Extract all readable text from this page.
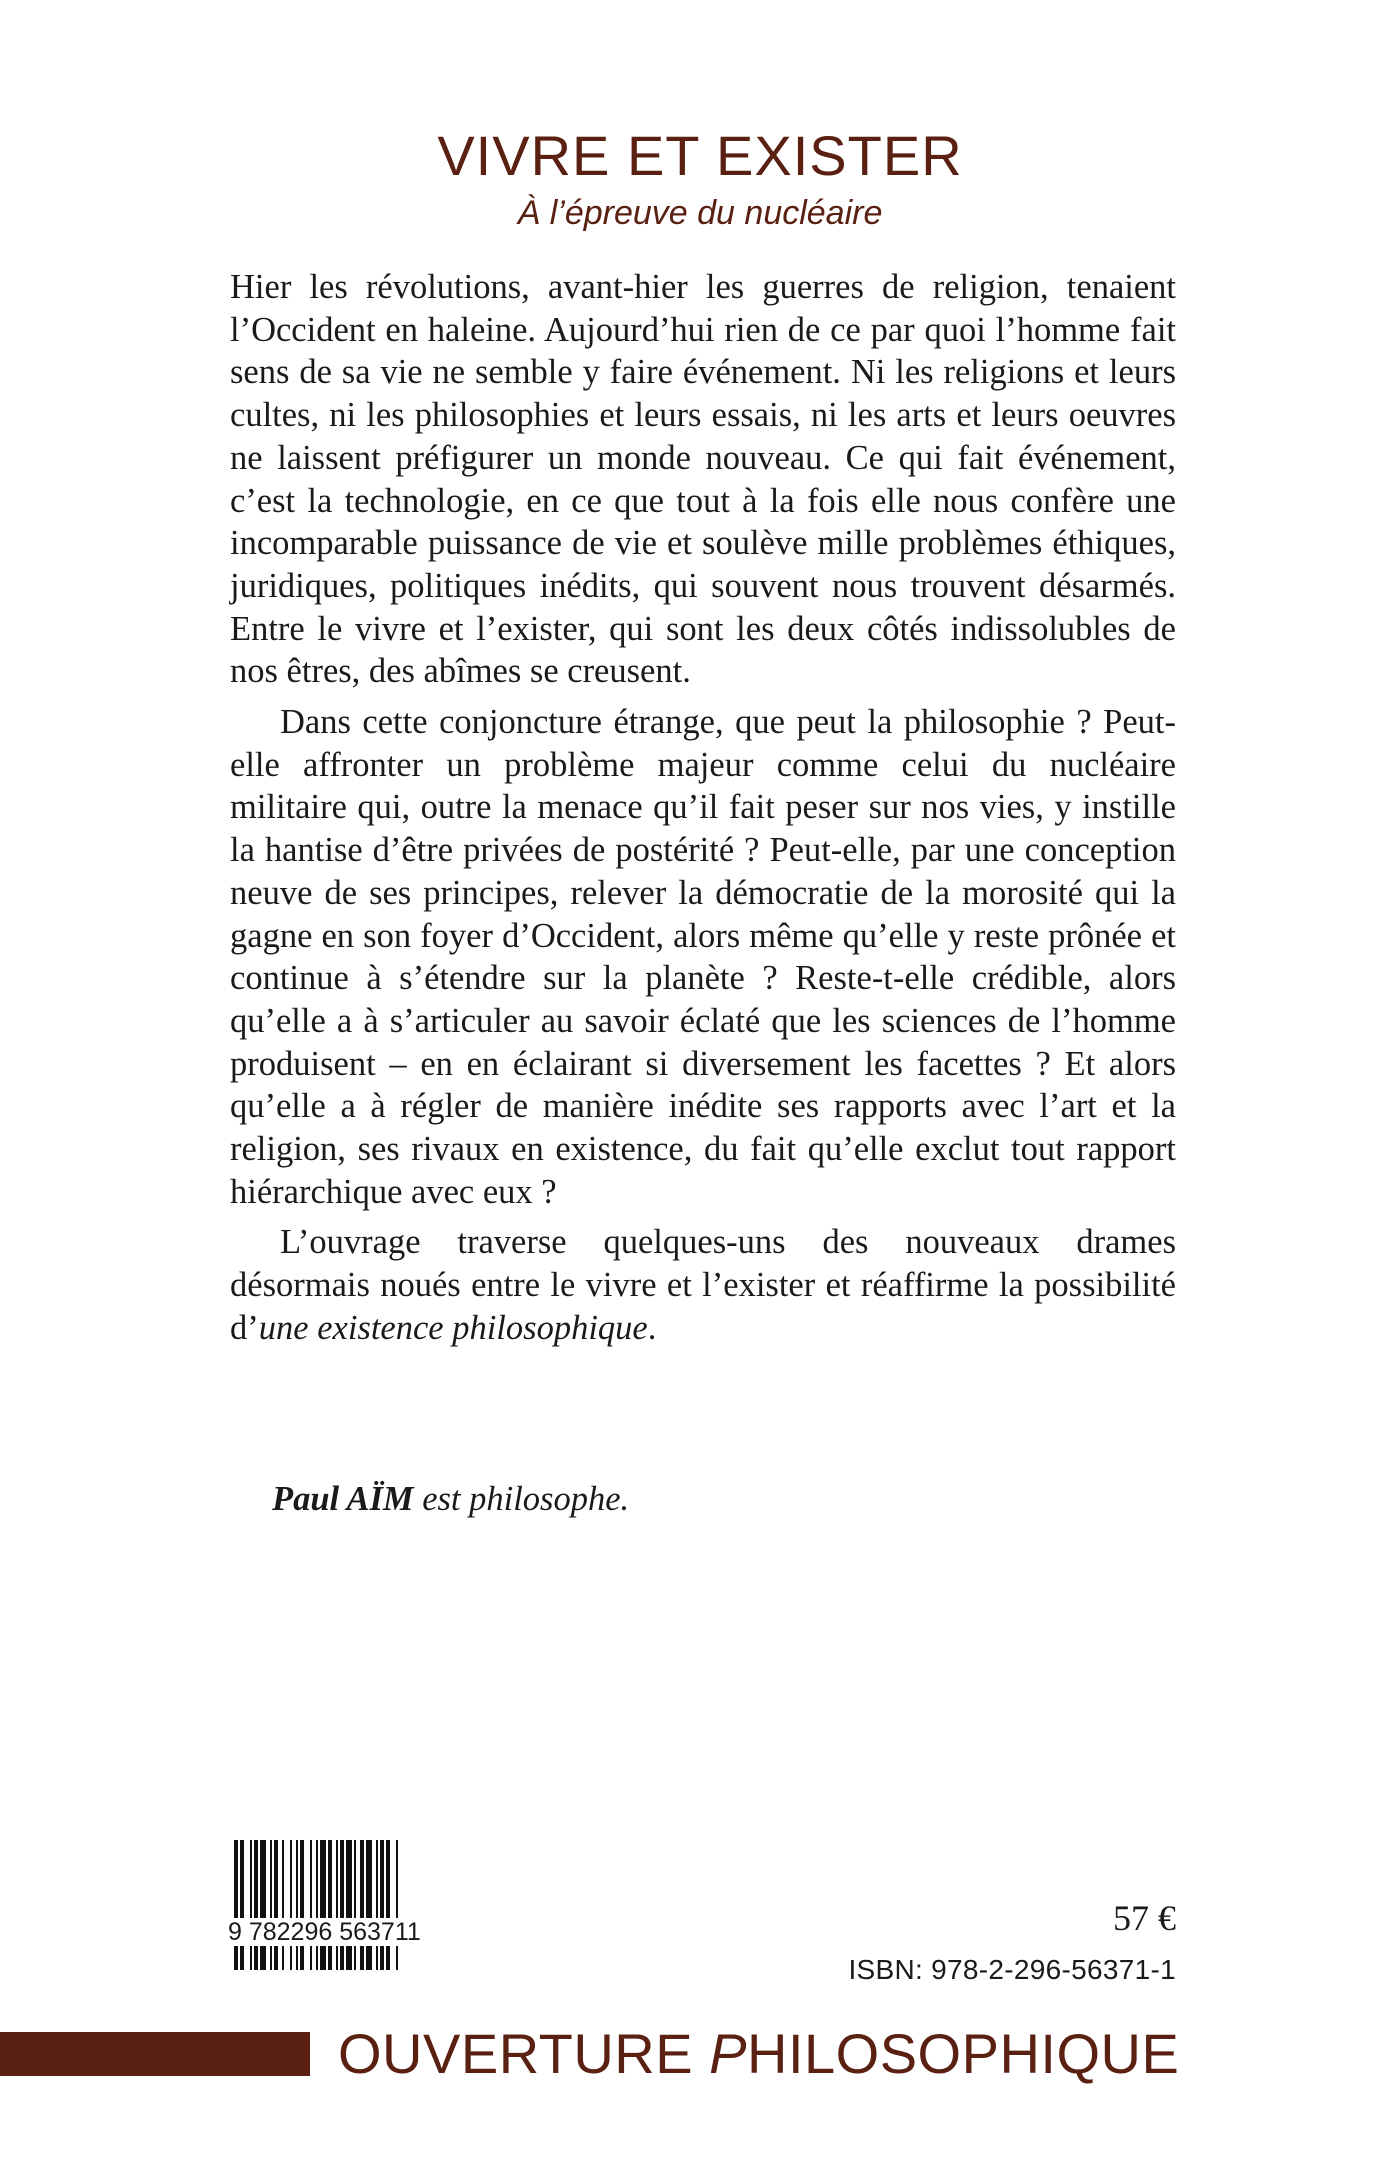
VIVRE ET EXISTER
À l’épreuve du nucléaire

Hier les révolutions, avant-hier les guerres de religion, tenaient l’Occident en haleine. Aujourd’hui rien de ce par quoi l’homme fait sens de sa vie ne semble y faire événement. Ni les religions et leurs cultes, ni les philosophies et leurs essais, ni les arts et leurs oeuvres ne laissent préfigurer un monde nouveau. Ce qui fait événement, c’est la technologie, en ce que tout à la fois elle nous confère une incomparable puissance de vie et soulève mille problèmes éthiques, juridiques, politiques inédits, qui souvent nous trouvent désarmés. Entre le vivre et l’exister, qui sont les deux côtés indissolubles de nos êtres, des abîmes se creusent.

Dans cette conjoncture étrange, que peut la philosophie ? Peut-elle affronter un problème majeur comme celui du nucléaire militaire qui, outre la menace qu’il fait peser sur nos vies, y instille la hantise d’être privées de postérité ? Peut-elle, par une conception neuve de ses principes, relever la démocratie de la morosité qui la gagne en son foyer d’Occident, alors même qu’elle y reste prônée et continue à s’étendre sur la planète ? Reste-t-elle crédible, alors qu’elle a à s’articuler au savoir éclaté que les sciences de l’homme produisent – en en éclairant si diversement les facettes ? Et alors qu’elle a à régler de manière inédite ses rapports avec l’art et la religion, ses rivaux en existence, du fait qu’elle exclut tout rapport hiérarchique avec eux ?

L’ouvrage traverse quelques-uns des nouveaux drames désormais noués entre le vivre et l’exister et réaffirme la possibilité d’une existence philosophique.

Paul AÏM est philosophe.
9 782296 563711	57 €
ISBN: 978-2-296-56371-1
OUVERTURE PHILOSOPHIQUE
